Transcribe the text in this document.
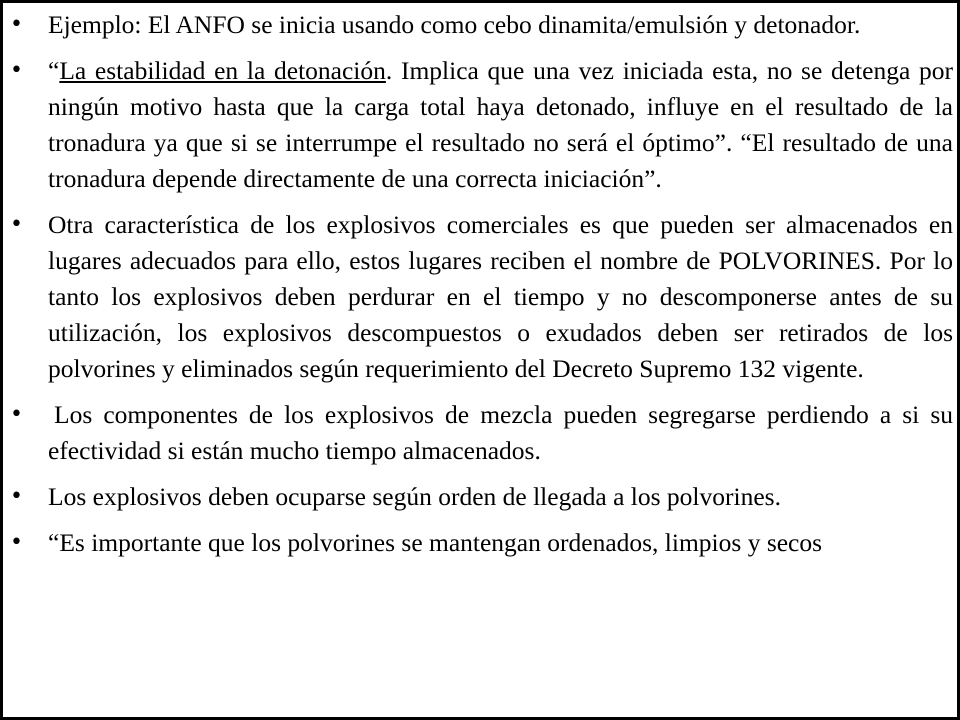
• Ejemplo: El ANFO se inicia usando como cebo dinamita/emulsión y detonador.
• “La estabilidad en la detonación. Implica que una vez iniciada esta, no se detenga por ningún motivo hasta que la carga total haya detonado, influye en el resultado de la tronadura ya que si se interrumpe el resultado no será el óptimo”. “El resultado de una tronadura depende directamente de una correcta iniciación”.
• Otra característica de los explosivos comerciales es que pueden ser almacenados en lugares adecuados para ello, estos lugares reciben el nombre de POLVORINES. Por lo tanto los explosivos deben perdurar en el tiempo y no descomponerse antes de su utilización, los explosivos descompuestos o exudados deben ser retirados de los polvorines y eliminados según requerimiento del Decreto Supremo 132 vigente.
• Los componentes de los explosivos de mezcla pueden segregarse perdiendo a si su efectividad si están mucho tiempo almacenados.
• Los explosivos deben ocuparse según orden de llegada a los polvorines.
• “Es importante que los polvorines se mantengan ordenados, limpios y secos
